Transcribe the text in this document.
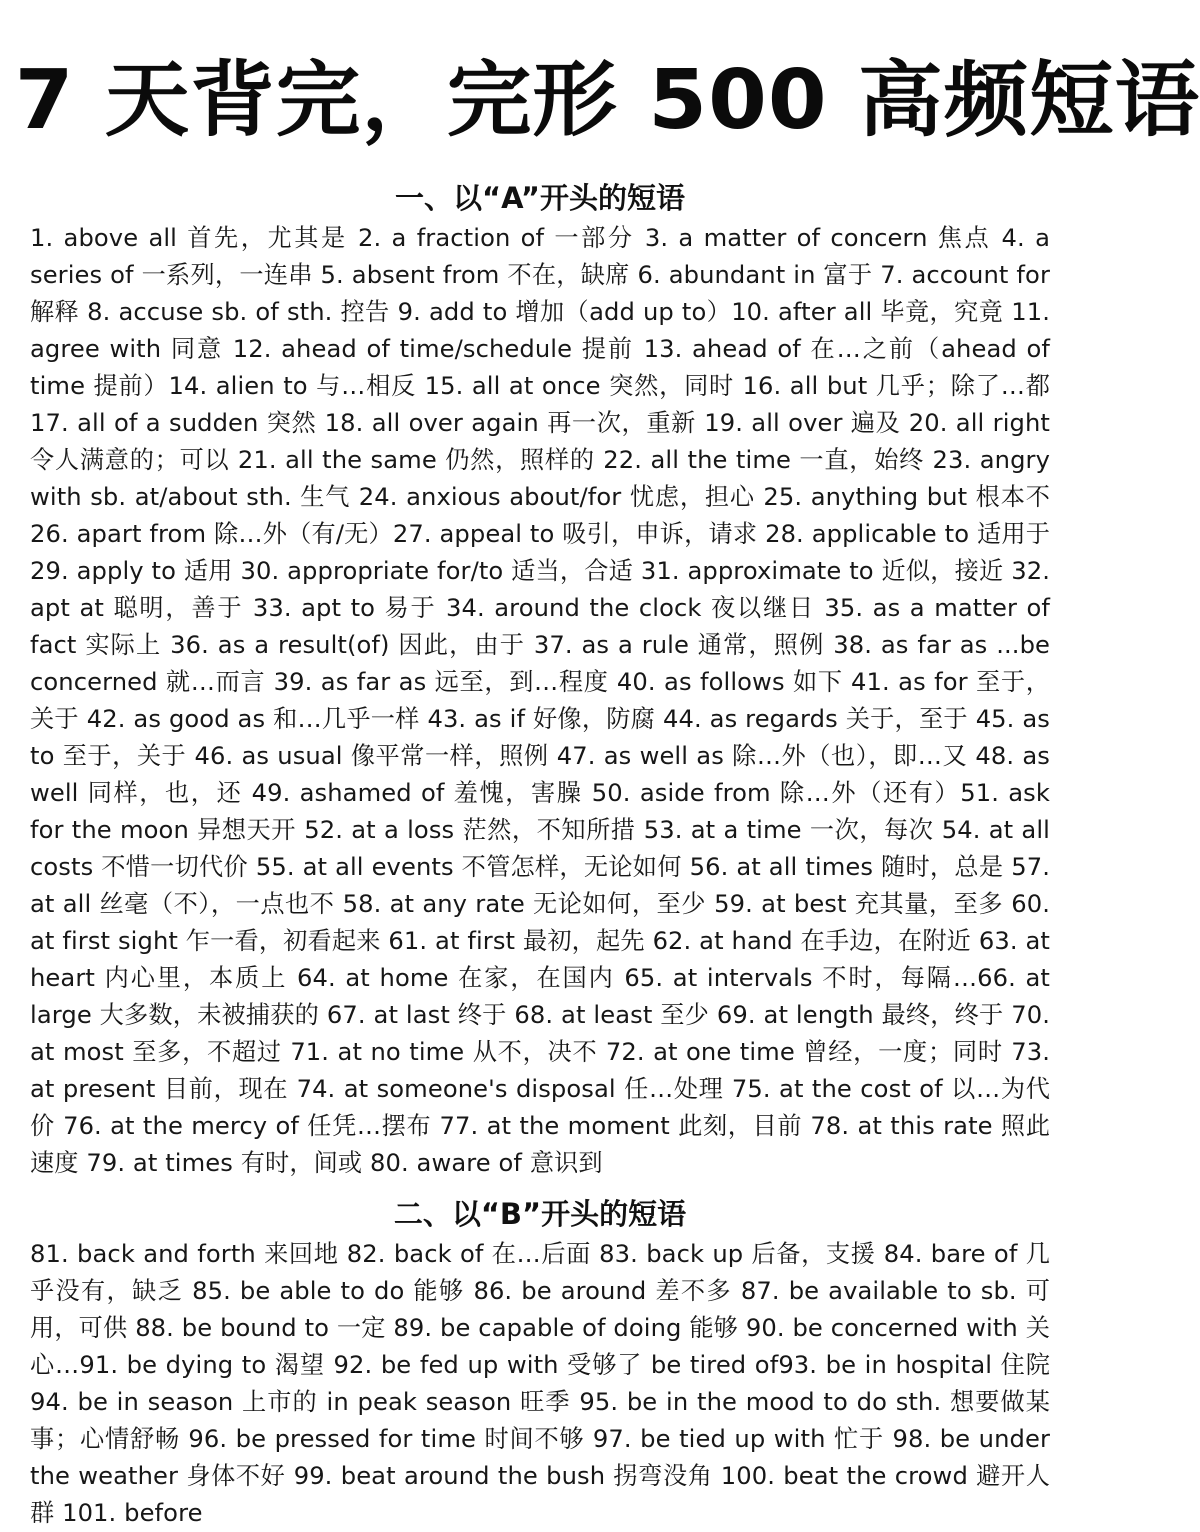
7 天背完，完形 500 高频短语
一、以“A”开头的短语

1. above all 首先，尤其是 2. a fraction of 一部分 3. a matter of concern 焦点 4. a series of 一系列，一连串 5. absent from 不在，缺席 6. abundant in 富于 7. account for 解释 8. accuse sb. of sth. 控告 9. add to 增加（add up to）10. after all 毕竟，究竟 11. agree with 同意 12. ahead of time/schedule 提前 13. ahead of 在…之前（ahead of time 提前）14. alien to 与…相反 15. all at once 突然，同时 16. all but 几乎；除了…都 17. all of a sudden 突然 18. all over again 再一次，重新 19. all over 遍及 20. all right 令人满意的；可以 21. all the same 仍然，照样的 22. all the time 一直，始终 23. angry with sb. at/about sth. 生气 24. anxious about/for 忧虑，担心 25. anything but 根本不 26. apart from 除…外（有/无）27. appeal to 吸引，申诉，请求 28. applicable to 适用于 29. apply to 适用 30. appropriate for/to 适当，合适 31. approximate to 近似，接近 32. apt at 聪明，善于 33. apt to 易于 34. around the clock 夜以继日 35. as a matter of fact 实际上 36. as a result(of) 因此，由于 37. as a rule 通常，照例 38. as far as ...be concerned 就…而言 39. as far as 远至，到…程度 40. as follows 如下 41. as for 至于，关于 42. as good as 和…几乎一样 43. as if 好像，防腐 44. as regards 关于，至于 45. as to 至于，关于 46. as usual 像平常一样，照例 47. as well as 除…外（也），即…又 48. as well 同样，也，还 49. ashamed of 羞愧，害臊 50. aside from 除…外（还有）51. ask for the moon 异想天开 52. at a loss 茫然，不知所措 53. at a time 一次，每次 54. at all costs 不惜一切代价 55. at all events 不管怎样，无论如何 56. at all times 随时，总是 57. at all 丝毫（不），一点也不 58. at any rate 无论如何，至少 59. at best 充其量，至多 60. at first sight 乍一看，初看起来 61. at first 最初，起先 62. at hand 在手边，在附近 63. at heart 内心里，本质上 64. at home 在家，在国内 65. at intervals 不时，每隔…66. at large 大多数，未被捕获的 67. at last 终于 68. at least 至少 69. at length 最终，终于 70. at most 至多，不超过 71. at no time 从不，决不 72. at one time 曾经，一度；同时 73. at present 目前，现在 74. at someone's disposal 任…处理 75. at the cost of 以…为代价 76. at the mercy of 任凭…摆布 77. at the moment 此刻，目前 78. at this rate 照此速度 79. at times 有时，间或 80. aware of 意识到

二、以“B”开头的短语

81. back and forth 来回地 82. back of 在…后面 83. back up 后备，支援 84. bare of 几乎没有，缺乏 85. be able to do 能够 86. be around 差不多 87. be available to sb. 可用，可供 88. be bound to 一定 89. be capable of doing 能够 90. be concerned with 关心…91. be dying to 渴望 92. be fed up with 受够了 be tired of93. be in hospital 住院 94. be in season 上市的 in peak season 旺季 95. be in the mood to do sth. 想要做某事；心情舒畅 96. be pressed for time 时间不够 97. be tied up with 忙于 98. be under the weather 身体不好 99. beat around the bush 拐弯没角 100. beat the crowd 避开人群 101. before
